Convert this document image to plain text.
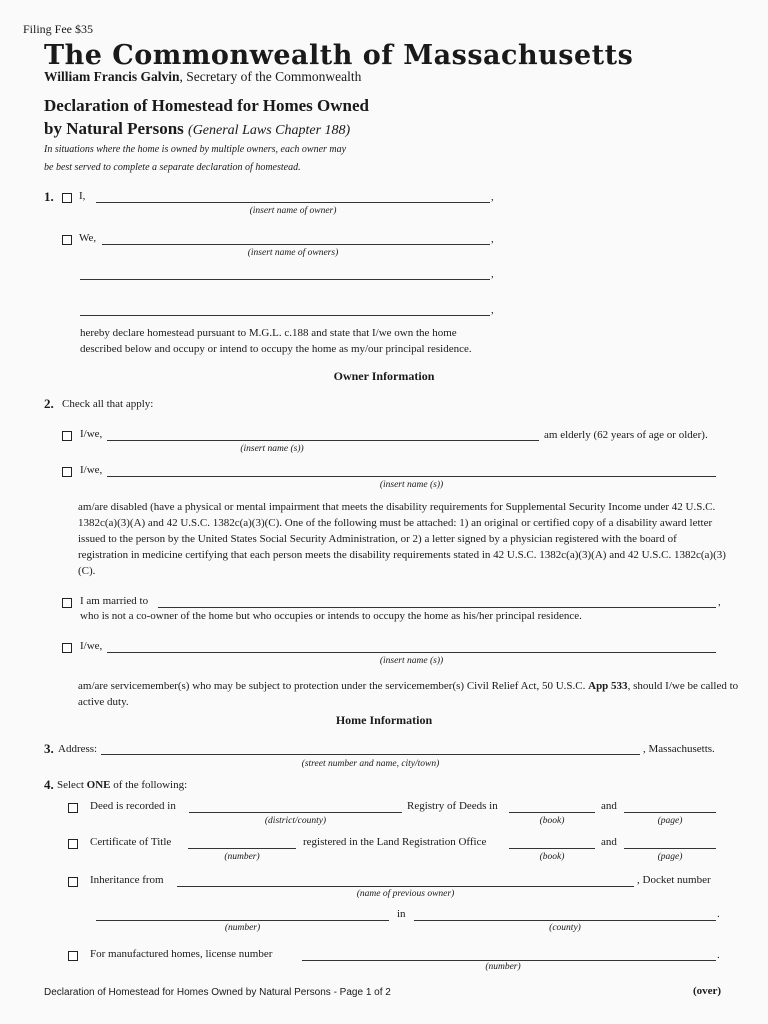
Filing Fee $35
The Commonwealth of Massachusetts
William Francis Galvin, Secretary of the Commonwealth
Declaration of Homestead for Homes Owned
by Natural Persons (General Laws Chapter 188)
In situations where the home is owned by multiple owners, each owner may
be best served to complete a separate declaration of homestead.
1. I,	,
(insert name of owner)
We,	,
(insert name of owners)
,
,
hereby declare homestead pursuant to M.G.L. c.188 and state that I/we own the home
described below and occupy or intend to occupy the home as my/our principal residence.
Owner Information
2. Check all that apply:
I/we,	am elderly (62 years of age or older).
(insert name (s))
I/we,
(insert name (s))
am/are disabled (have a physical or mental impairment that meets the disability requirements for Supplemental Security Income under 42 U.S.C. 1382c(a)(3)(A) and 42 U.S.C. 1382c(a)(3)(C). One of the following must be attached: 1) an original or certified copy of a disability award letter issued to the person by the United States Social Security Administration, or 2) a letter signed by a physician registered with the board of registration in medicine certifying that each person meets the disability requirements stated in 42 U.S.C. 1382c(a)(3)(A) and 42 U.S.C. 1382c(a)(3)(C).
I am married to	,
who is not a co-owner of the home but who occupies or intends to occupy the home as his/her principal residence.
I/we,
(insert name (s))
am/are servicemember(s) who may be subject to protection under the servicemember(s) Civil Relief Act, 50 U.S.C. App 533, should I/we be called to active duty.
Home Information
3. Address:	, Massachusetts.
(street number and name, city/town)
4. Select ONE of the following:
Deed is recorded in	Registry of Deeds in	and
(district/county)	(book)	(page)
Certificate of Title	registered in the Land Registration Office	and
(number)	(book)	(page)
Inheritance from	, Docket number
(name of previous owner)
in	.
(number)	(county)
For manufactured homes, license number	.
(number)
Declaration of Homestead for Homes Owned by Natural Persons - Page 1 of 2	(over)
